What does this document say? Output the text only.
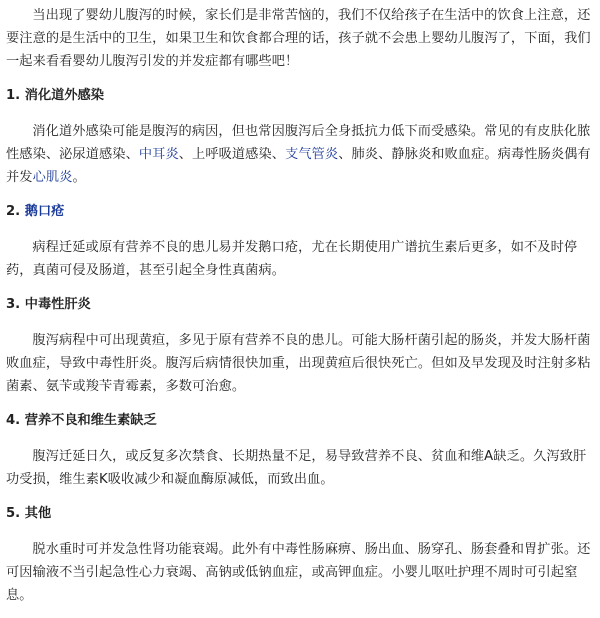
当出现了婴幼儿腹泻的时候，家长们是非常苦恼的，我们不仅给孩子在生活中的饮食上注意，还要注意的是生活中的卫生，如果卫生和饮食都合理的话，孩子就不会患上婴幼儿腹泻了，下面，我们一起来看看婴幼儿腹泻引发的并发症都有哪些吧！

1. 消化道外感染

消化道外感染可能是腹泻的病因，但也常因腹泻后全身抵抗力低下而受感染。常见的有皮肤化脓性感染、泌尿道感染、中耳炎、上呼吸道感染、支气管炎、肺炎、静脉炎和败血症。病毒性肠炎偶有并发心肌炎。

2. 鹅口疮

病程迁延或原有营养不良的患儿易并发鹅口疮，尤在长期使用广谱抗生素后更多，如不及时停药，真菌可侵及肠道，甚至引起全身性真菌病。

3. 中毒性肝炎

腹泻病程中可出现黄疸，多见于原有营养不良的患儿。可能大肠杆菌引起的肠炎，并发大肠杆菌败血症，导致中毒性肝炎。腹泻后病情很快加重，出现黄疸后很快死亡。但如及早发现及时注射多粘菌素、氨苄或羧苄青霉素，多数可治愈。

4. 营养不良和维生素缺乏

腹泻迁延日久，或反复多次禁食、长期热量不足，易导致营养不良、贫血和维A缺乏。久泻致肝功受损，维生素K吸收减少和凝血酶原减低，而致出血。

5. 其他

脱水重时可并发急性肾功能衰竭。此外有中毒性肠麻痹、肠出血、肠穿孔、肠套叠和胃扩张。还可因输液不当引起急性心力衰竭、高钠或低钠血症，或高钾血症。小婴儿呕吐护理不周时可引起窒息。
